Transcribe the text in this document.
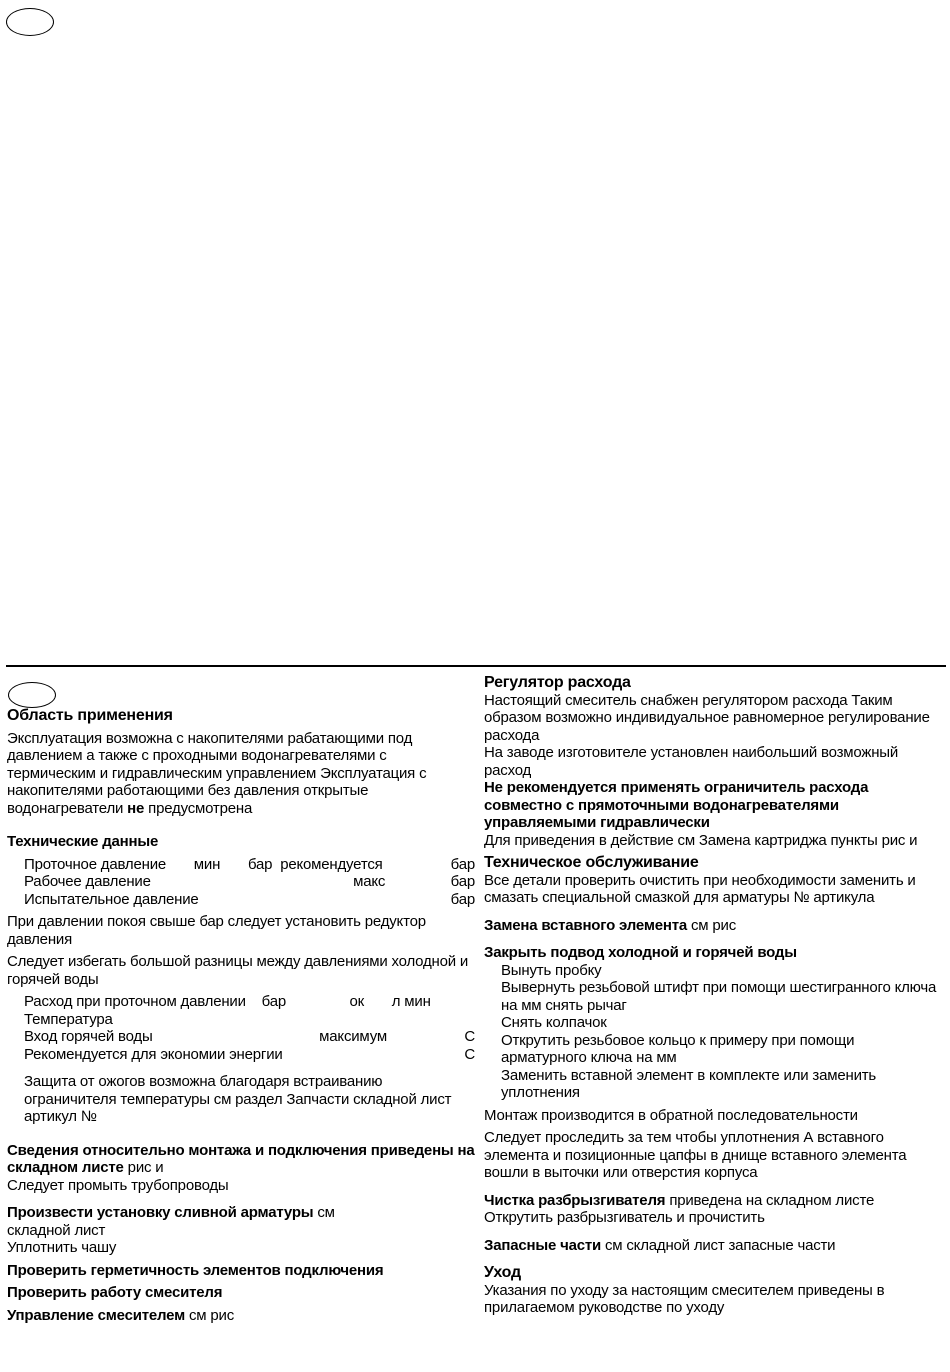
Область применения

Эксплуатация возможна с накопителями рабатающими под давлением а также с проходными водонагревателями с термическим и гидравлическим управлением Эксплуатация с накопителями работающими без давления открытые водонагреватели не предусмотрена

Технические данные

Проточное давление       мин       бар  рекомендуется	бар
Рабочее давление                                                   макс	бар
Испытательное давление	бар

При давлении покоя свыше бар следует установить редуктор давления

Следует избегать большой разницы между давлениями холодной и горячей воды

Расход при проточном давлении    бар                ок       л мин
Температура
Вход горячей воды                                          максимум	С
Рекомендуется для экономии энергии	С

Защита от ожогов возможна благодаря встраиванию ограничителя температуры см раздел Запчасти складной лист артикул №

Сведения относительно монтажа и подключения приведены на складном листе рис и

Следует промыть трубопроводы

Произвести установку сливной арматуры см

складной лист

Уплотнить чашу

Проверить герметичность элементов подключения

Проверить работу смесителя

Управление смесителем см рис

Регулятор расхода

Настоящий смеситель снабжен регулятором расхода Таким образом возможно индивидуальное равномерное регулирование расхода

На заводе изготовителе установлен наибольший возможный расход

Не рекомендуется применять ограничитель расхода совместно с прямоточными водонагревателями управляемыми гидравлически

Для приведения в действие см Замена картриджа пункты рис и

Техническое обслуживание

Все детали проверить очистить при необходимости заменить и смазать специальной смазкой для арматуры № артикула

Замена вставного элемента см рис

Закрыть подвод холодной и горячей воды

Вынуть пробку
Вывернуть резьбовой штифт при помощи шестигранного ключа на мм снять рычаг
Снять колпачок
Открутить резьбовое кольцо к примеру при помощи арматурного ключа на мм
Заменить вставной элемент в комплекте или заменить уплотнения

Монтаж производится в обратной последовательности

Следует проследить за тем чтобы уплотнения А вставного элемента и позиционные цапфы в днище вставного элемента вошли в выточки или отверстия корпуса

Чистка разбрызгивателя приведена на складном листе Открутить разбрызгиватель и прочистить

Запасные части см складной лист запасные части

Уход

Указания по уходу за настоящим смесителем приведены в прилагаемом руководстве по уходу
